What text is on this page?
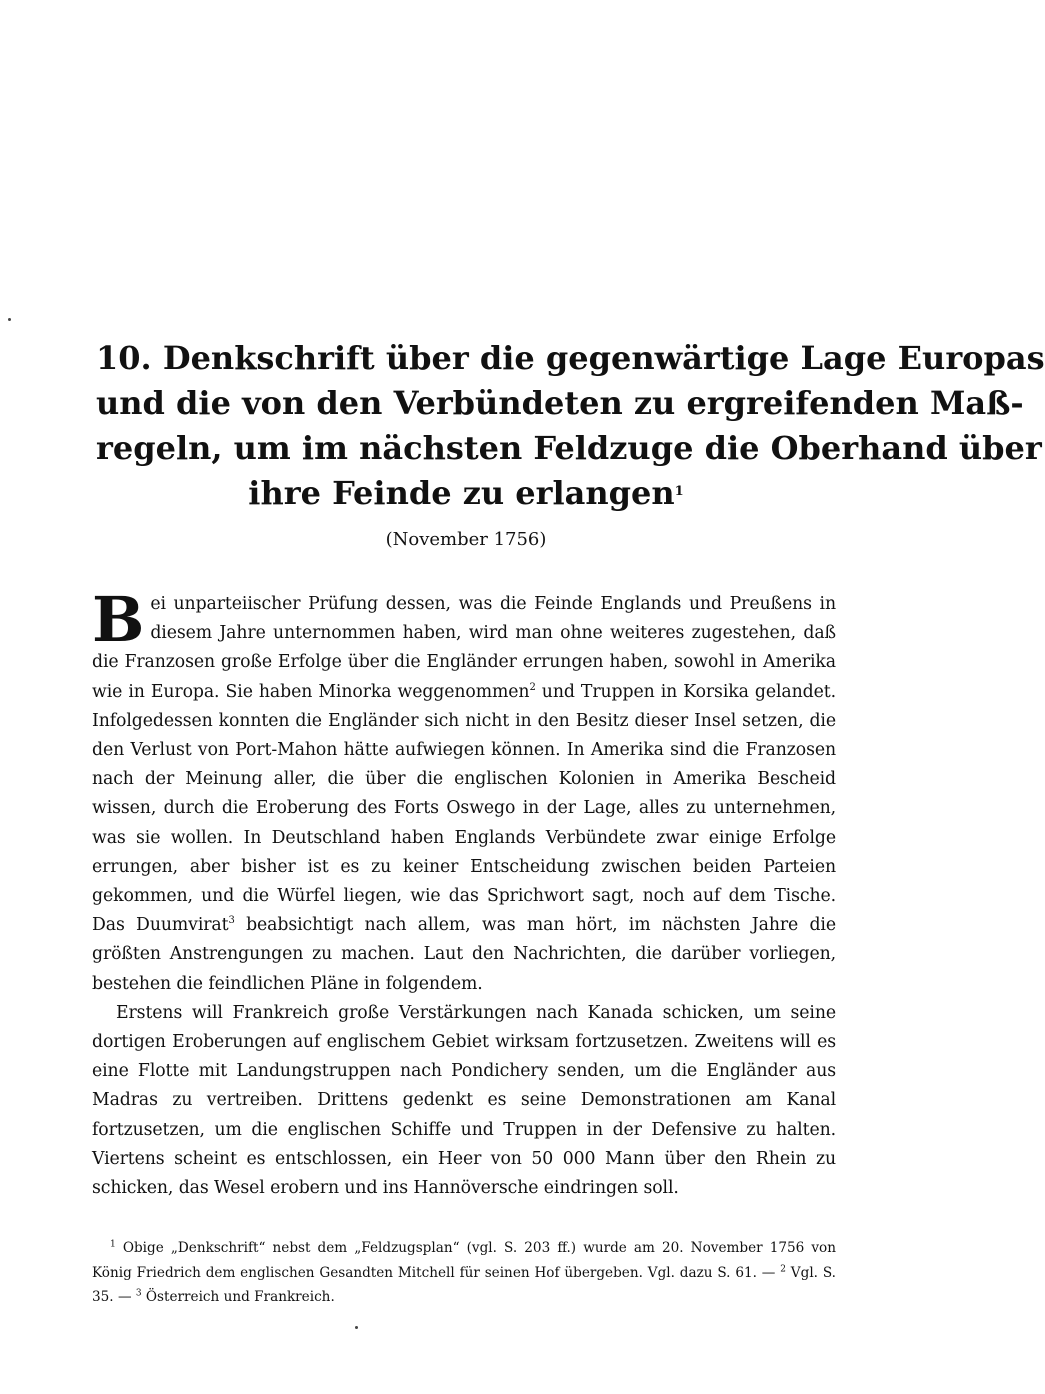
10. Denkschrift über die gegenwärtige Lage Europas
und die von den Verbündeten zu ergreifenden Maß-
regeln, um im nächsten Feldzuge die Oberhand über
ihre Feinde zu erlangen$^1$
(November 1756)

Bei unparteiischer Prüfung dessen, was die Feinde Englands und Preußens in diesem Jahre unternommen haben, wird man ohne weiteres zugestehen, daß die Franzosen große Erfolge über die Engländer errungen haben, sowohl in Amerika wie in Europa. Sie haben Minorka weggenommen$^2$ und Truppen in Korsika gelandet. Infolgedessen konnten die Engländer sich nicht in den Besitz dieser Insel setzen, die den Verlust von Port-Mahon hätte aufwiegen können. In Amerika sind die Franzosen nach der Meinung aller, die über die englischen Kolonien in Amerika Bescheid wissen, durch die Eroberung des Forts Oswego in der Lage, alles zu unternehmen, was sie wollen. In Deutschland haben Englands Verbündete zwar einige Erfolge errungen, aber bisher ist es zu keiner Entscheidung zwischen beiden Parteien gekommen, und die Würfel liegen, wie das Sprichwort sagt, noch auf dem Tische. Das Duumvirat$^3$ beabsichtigt nach allem, was man hört, im nächsten Jahre die größten Anstrengungen zu machen. Laut den Nachrichten, die darüber vorliegen, bestehen die feindlichen Pläne in folgendem.

Erstens will Frankreich große Verstärkungen nach Kanada schicken, um seine dortigen Eroberungen auf englischem Gebiet wirksam fortzusetzen. Zweitens will es eine Flotte mit Landungstruppen nach Pondichery senden, um die Engländer aus Madras zu vertreiben. Drittens gedenkt es seine Demonstrationen am Kanal fortzusetzen, um die englischen Schiffe und Truppen in der Defensive zu halten. Viertens scheint es entschlossen, ein Heer von 50 000 Mann über den Rhein zu schicken, das Wesel erobern und ins Hannöversche eindringen soll.

$^1$ Obige „Denkschrift“ nebst dem „Feldzugsplan“ (vgl. S. 203 ff.) wurde am 20. November 1756 von König Friedrich dem englischen Gesandten Mitchell für seinen Hof übergeben. Vgl. dazu S. 61. — $^2$ Vgl. S. 35. — $^3$ Österreich und Frankreich.
